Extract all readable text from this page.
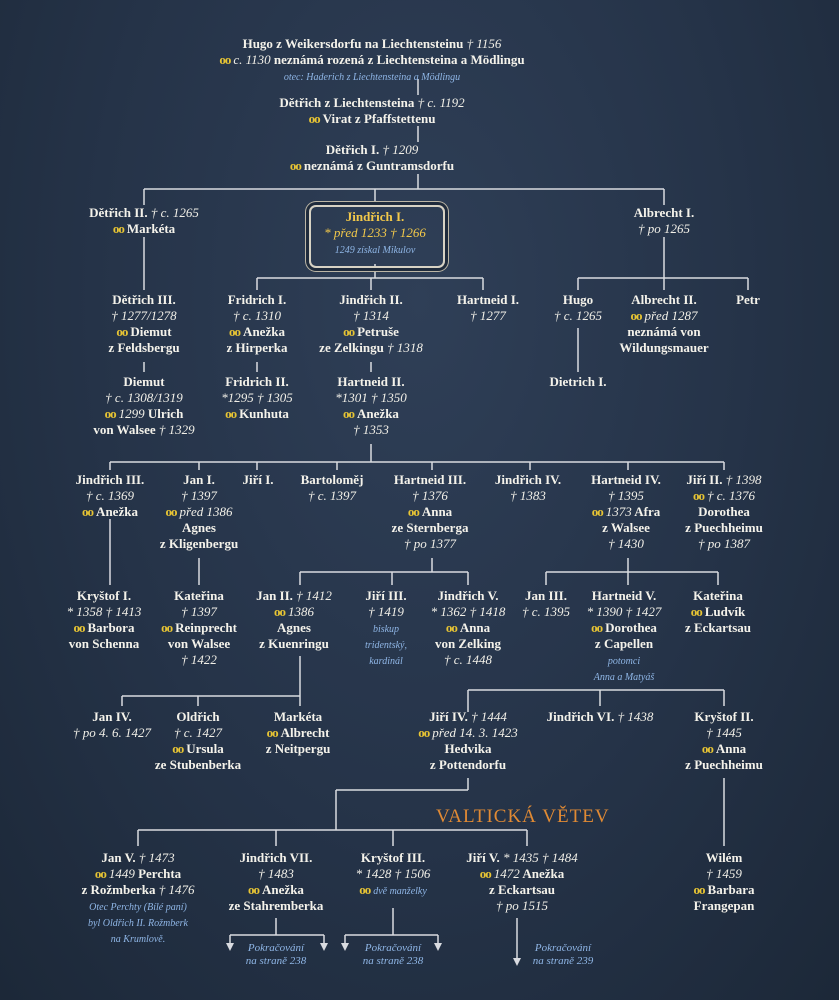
VALTICKÁ VĚTEV
Hugo z Weikersdorfu na Liechtensteinu † 1156
oo c. 1130 neznámá rozená z Liechtensteina a Mödlingu
otec: Haderich z Liechtensteina a Mödlingu
Dětřich z Liechtensteina † c. 1192
oo Virat z Pfaffstettenu
Dětřich I. † 1209
oo neznámá z Guntramsdorfu
Dětřich II. † c. 1265
oo Markéta
Jindřich I.
* před 1233 † 1266
1249 získal Mikulov
Albrecht I.
† po 1265
Dětřich III.
† 1277/1278
oo Diemut
z Feldsbergu
Fridrich I.
† c. 1310
oo Anežka
z Hirperka
Jindřich II.
† 1314
oo Petruše
ze Zelkingu † 1318
Hartneid I.
† 1277
Hugo
† c. 1265
Albrecht II.
oo před 1287
neznámá von
Wildungsmauer
Petr
Dietrich I.
Diemut
† c. 1308/1319
oo 1299 Ulrich
von Walsee † 1329
Fridrich II.
*1295 † 1305
oo Kunhuta
Hartneid II.
*1301 † 1350
oo Anežka
† 1353
Jindřich III.
† c. 1369
oo Anežka
Jan I.
† 1397
oo před 1386
Agnes
z Kligenbergu
Jiří I. Bartoloměj
† c. 1397
Hartneid III.
† 1376
oo Anna
ze Sternberga
† po 1377
Jindřich IV.
† 1383
Hartneid IV.
† 1395
oo 1373 Afra
z Walsee
† 1430
Jiří II. † 1398
oo † c. 1376
Dorothea
z Puechheimu
† po 1387
Kryštof I.
* 1358 † 1413
oo Barbora
von Schenna
Kateřina
† 1397
oo Reinprecht
von Walsee
† 1422
Jan II. † 1412
oo 1386
Agnes
z Kuenringu
Jiří III.
† 1419
biskup
tridentský,
kardinál
Jindřich V.
* 1362 † 1418
oo Anna
von Zelking
† c. 1448
Jan III.
† c. 1395
Hartneid V.
* 1390 † 1427
oo Dorothea
z Capellen
potomci
Anna a Matyáš
Kateřina
oo Ludvík
z Eckartsau
Jan IV.
† po 4. 6. 1427
Oldřich
† c. 1427
oo Ursula
ze Stubenberka
Markéta
oo Albrecht
z Neitpergu
Jiří IV. † 1444
oo před 14. 3. 1423
Hedvika
z Pottendorfu
Jindřich VI. † 1438	Kryštof II.
† 1445
oo Anna
z Puechheimu
Jan V. † 1473
oo 1449 Perchta
z Rožmberka † 1476
Otec Perchty (Bílé paní)
byl Oldřich II. Rožmberk
na Krumlově.
Jindřich VII.
† 1483
oo Anežka
ze Stahremberka
Kryštof III.
* 1428 † 1506
oo dvě manželky
Jiří V. * 1435 † 1484
oo 1472 Anežka
z Eckartsau
† po 1515
Wilém
† 1459
oo Barbara
Frangepan
Pokračování
na straně 238
Pokračování
na straně 238
Pokračování
na straně 239
